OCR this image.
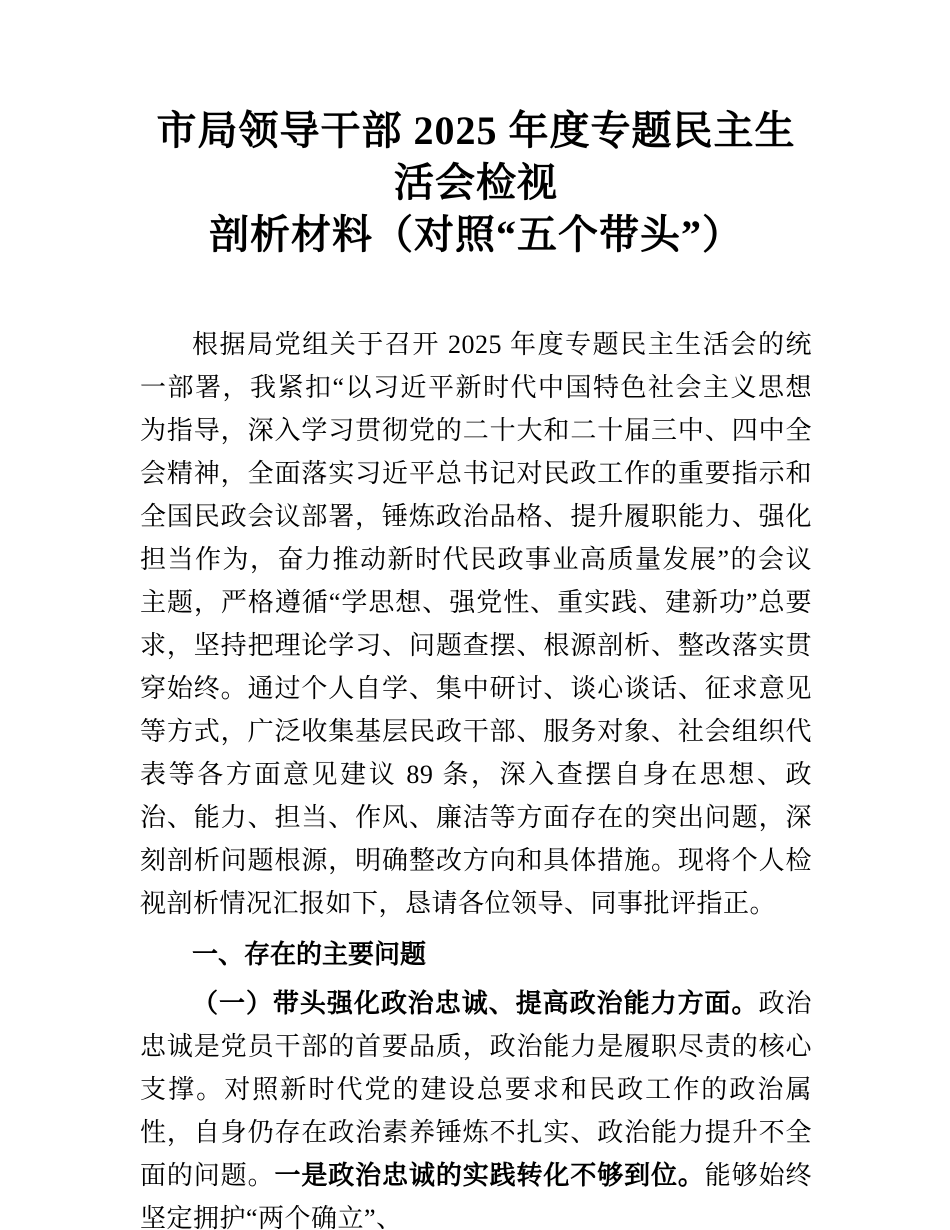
市局领导干部 2025 年度专题民主生活会检视
剖析材料（对照“五个带头”）

根据局党组关于召开 2025 年度专题民主生活会的统一部署，我紧扣“以习近平新时代中国特色社会主义思想为指导，深入学习贯彻党的二十大和二十届三中、四中全会精神，全面落实习近平总书记对民政工作的重要指示和全国民政会议部署，锤炼政治品格、提升履职能力、强化担当作为，奋力推动新时代民政事业高质量发展”的会议主题，严格遵循“学思想、强党性、重实践、建新功”总要求，坚持把理论学习、问题查摆、根源剖析、整改落实贯穿始终。通过个人自学、集中研讨、谈心谈话、征求意见等方式，广泛收集基层民政干部、服务对象、社会组织代表等各方面意见建议 89 条，深入查摆自身在思想、政治、能力、担当、作风、廉洁等方面存在的突出问题，深刻剖析问题根源，明确整改方向和具体措施。现将个人检视剖析情况汇报如下，恳请各位领导、同事批评指正。

一、存在的主要问题

（一）带头强化政治忠诚、提高政治能力方面。政治忠诚是党员干部的首要品质，政治能力是履职尽责的核心支撑。对照新时代党的建设总要求和民政工作的政治属性，自身仍存在政治素养锤炼不扎实、政治能力提升不全面的问题。一是政治忠诚的实践转化不够到位。能够始终坚定拥护“两个确立”、
